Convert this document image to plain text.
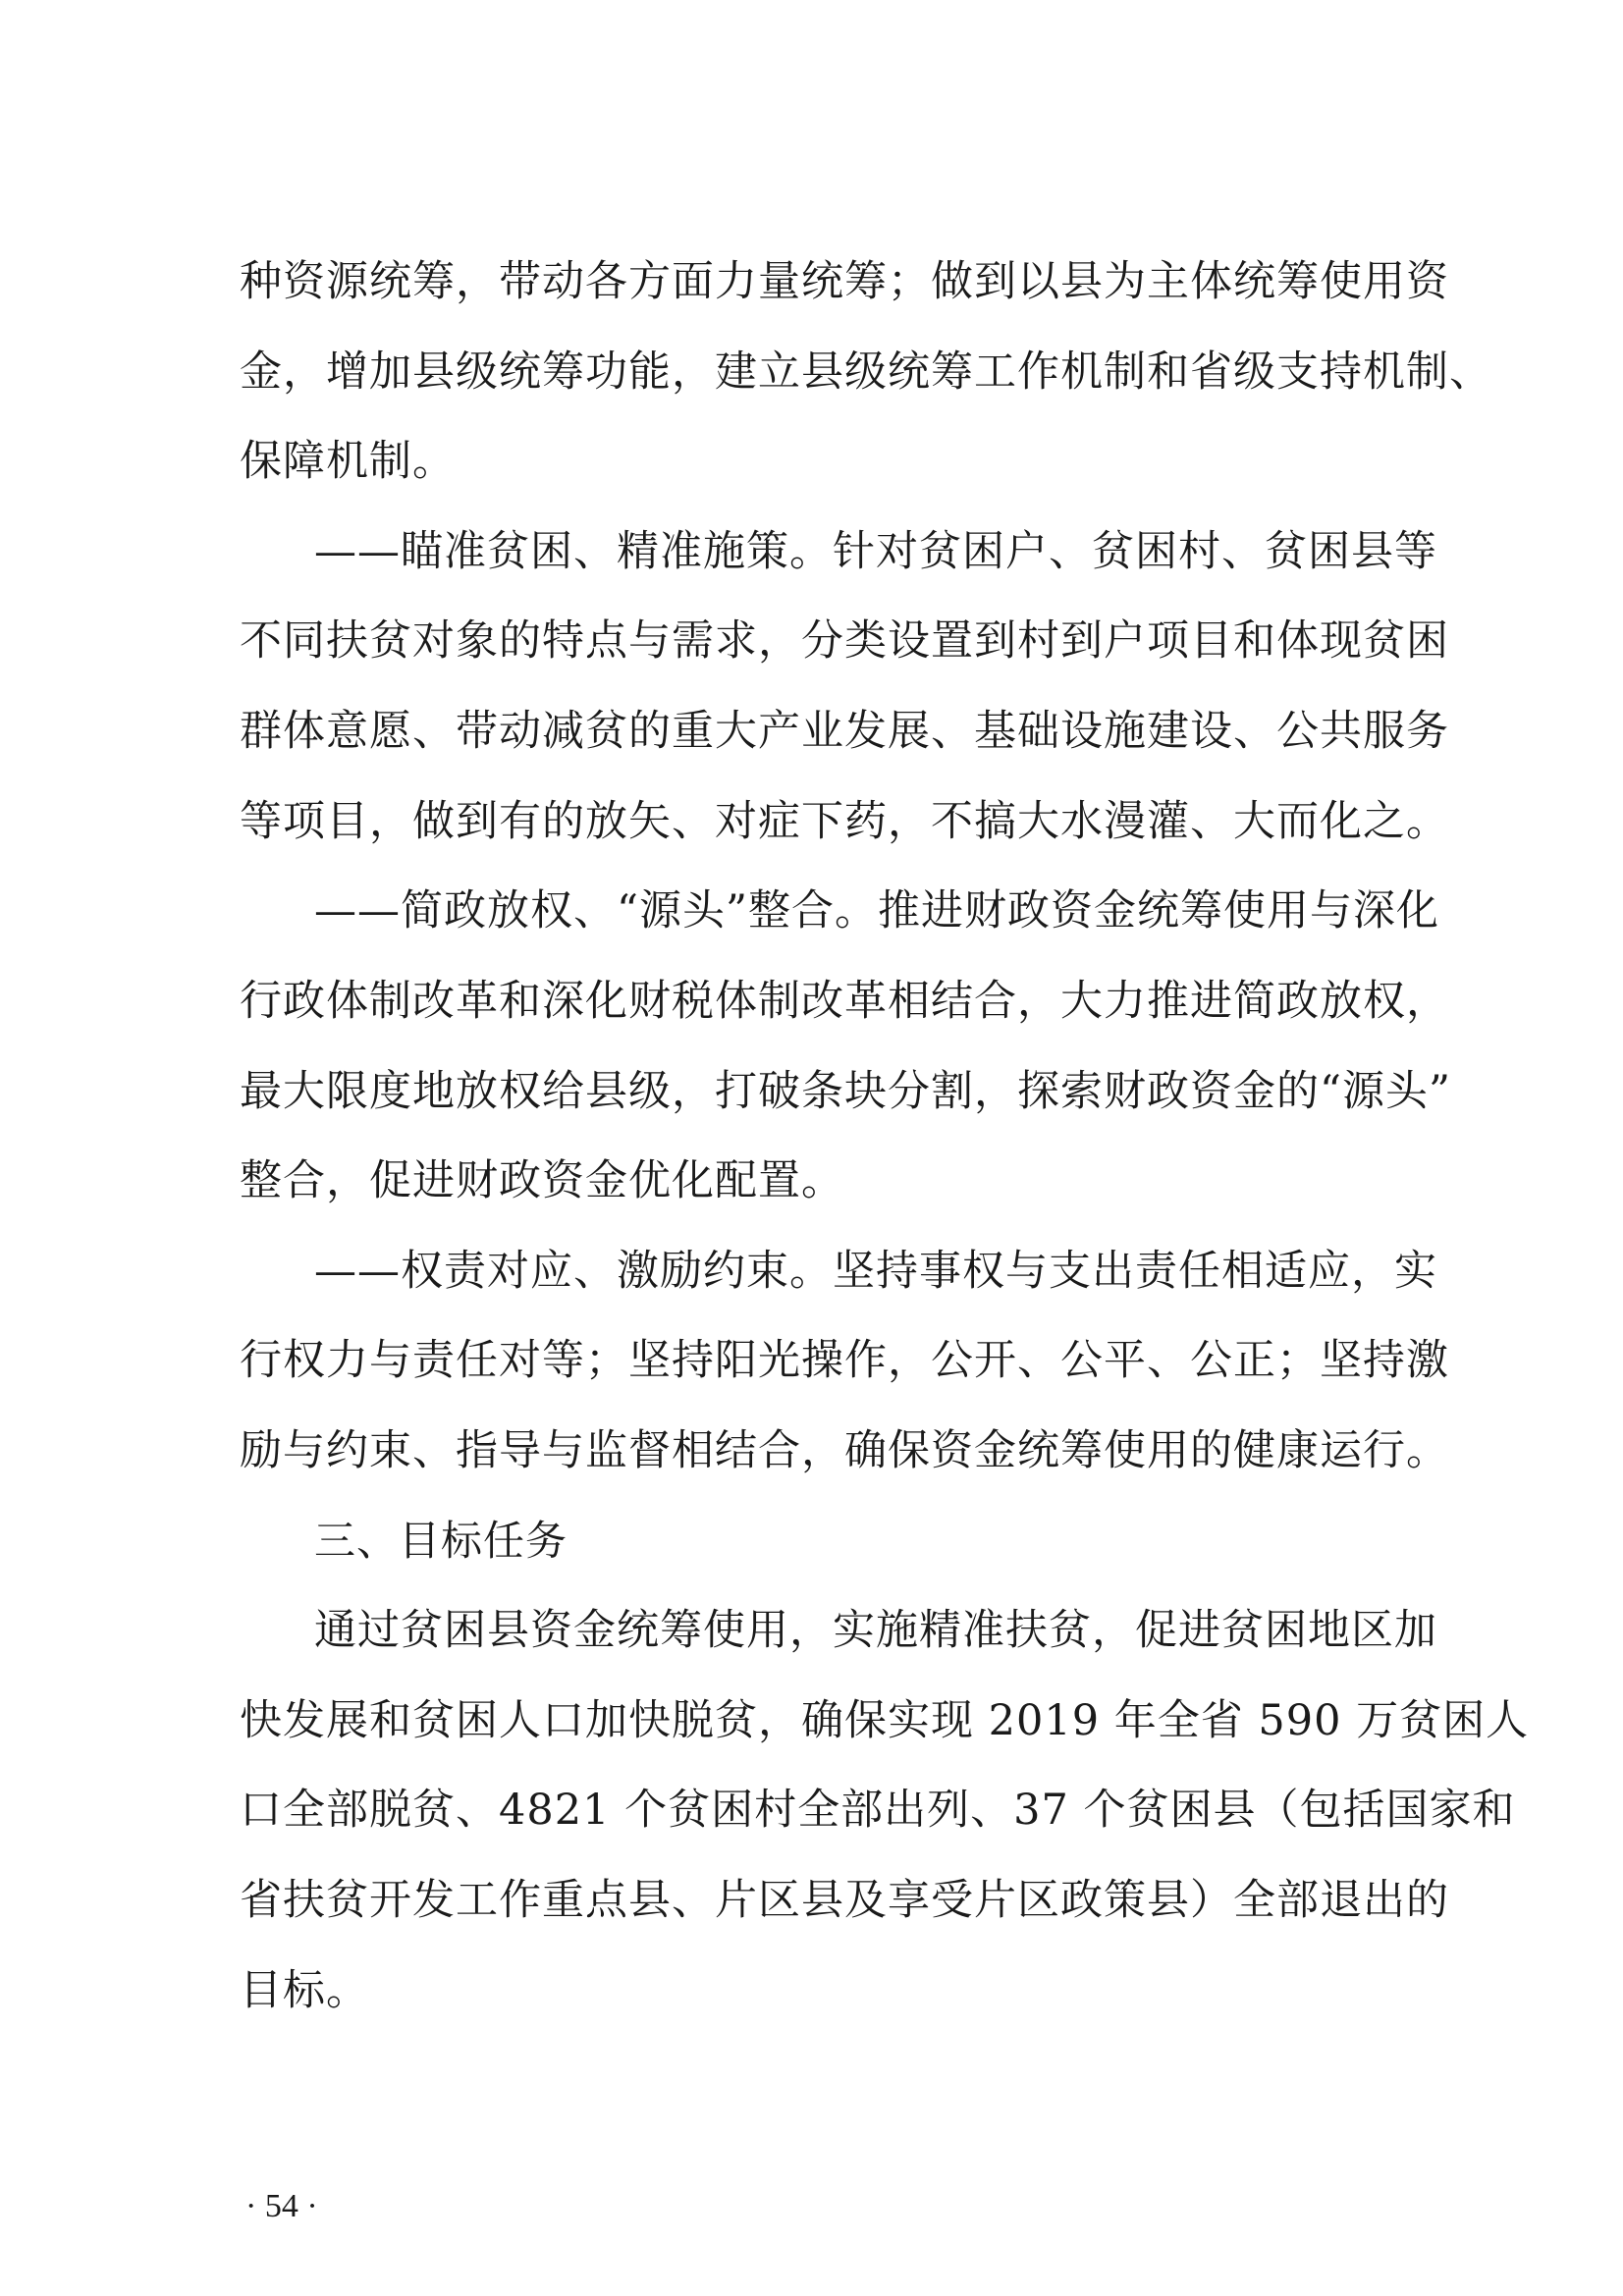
种资源统筹，带动各方面力量统筹；做到以县为主体统筹使用资
金，增加县级统筹功能，建立县级统筹工作机制和省级支持机制、
保障机制。
——瞄准贫困、精准施策。针对贫困户、贫困村、贫困县等
不同扶贫对象的特点与需求，分类设置到村到户项目和体现贫困
群体意愿、带动减贫的重大产业发展、基础设施建设、公共服务
等项目，做到有的放矢、对症下药，不搞大水漫灌、大而化之。
——简政放权、“源头”整合。推进财政资金统筹使用与深化
行政体制改革和深化财税体制改革相结合，大力推进简政放权，
最大限度地放权给县级，打破条块分割，探索财政资金的“源头”
整合，促进财政资金优化配置。
——权责对应、激励约束。坚持事权与支出责任相适应，实
行权力与责任对等；坚持阳光操作，公开、公平、公正；坚持激
励与约束、指导与监督相结合，确保资金统筹使用的健康运行。
三、目标任务
通过贫困县资金统筹使用，实施精准扶贫，促进贫困地区加
快发展和贫困人口加快脱贫，确保实现 2019 年全省 590 万贫困人
口全部脱贫、4821 个贫困村全部出列、37 个贫困县（包括国家和
省扶贫开发工作重点县、片区县及享受片区政策县）全部退出的
目标。
· 54 ·
